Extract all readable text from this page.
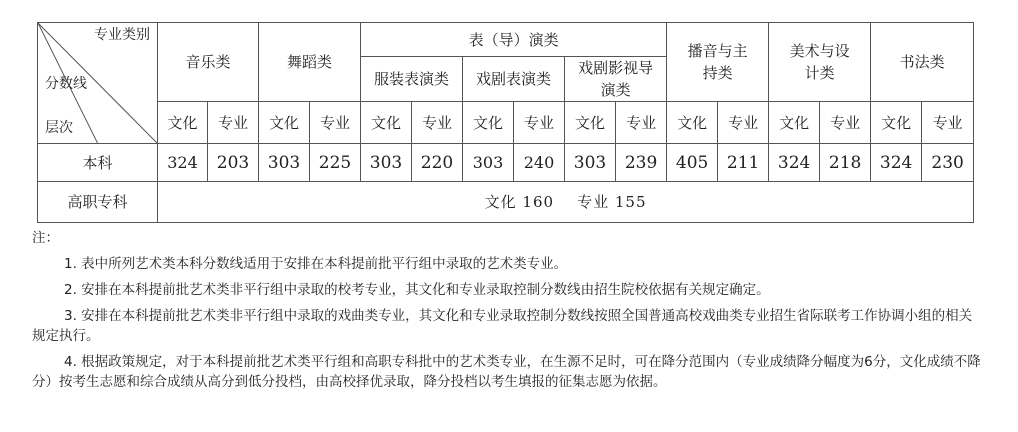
专业类别
分数线
层次	音乐类		舞蹈类		表（导）演类						播音与主持类		美术与设计类		书法类	
					服装表演类		戏剧表演类		戏剧影视导演类							
	文化	专业	文化	专业	文化	专业	文化	专业	文化	专业	文化	专业	文化	专业	文化	专业
本科	324	203	303	225	303	220	303	240	303	239	405	211	324	218	324	230
高职专科	文化 160    专业 155															

注：

1. 表中所列艺术类本科分数线适用于安排在本科提前批平行组中录取的艺术类专业。

2. 安排在本科提前批艺术类非平行组中录取的校考专业，其文化和专业录取控制分数线由招生院校依据有关规定确定。

3. 安排在本科提前批艺术类非平行组中录取的戏曲类专业，其文化和专业录取控制分数线按照全国普通高校戏曲类专业招生省际联考工作协调小组的相关规定执行。

4. 根据政策规定，对于本科提前批艺术类平行组和高职专科批中的艺术类专业，在生源不足时，可在降分范围内（专业成绩降分幅度为6分，文化成绩不降分）按考生志愿和综合成绩从高分到低分投档，由高校择优录取，降分投档以考生填报的征集志愿为依据。
